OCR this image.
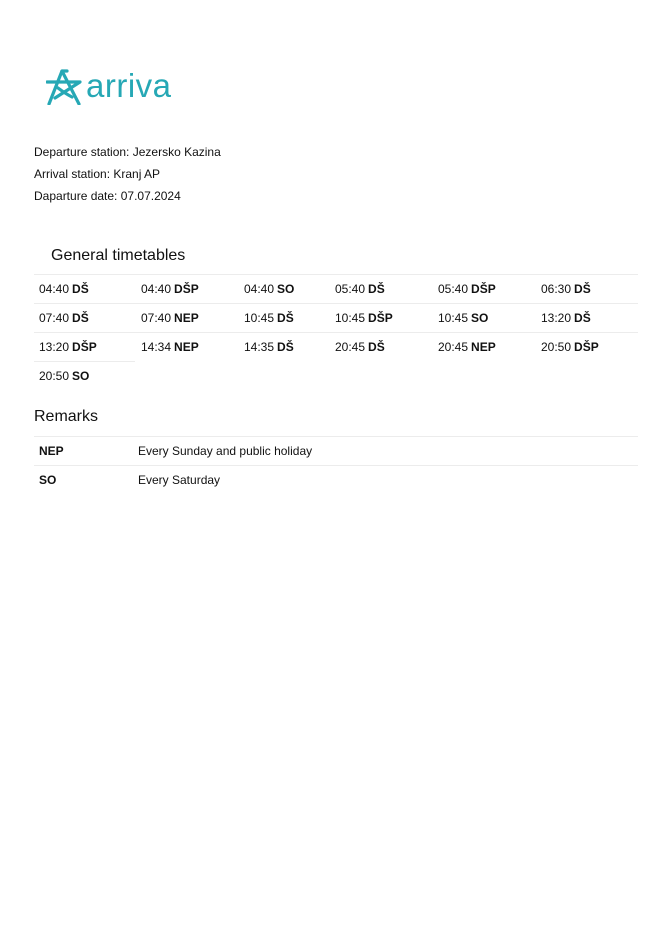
arriva
Departure station: Jezersko Kazina
Arrival station: Kranj AP
Daparture date: 07.07.2024
General timetables
04:40 DŠ	04:40 DŠP	04:40 SO	05:40 DŠ	05:40 DŠP	06:30 DŠ
07:40 DŠ	07:40 NEP	10:45 DŠ	10:45 DŠP	10:45 SO	13:20 DŠ
13:20 DŠP	14:34 NEP	14:35 DŠ	20:45 DŠ	20:45 NEP	20:50 DŠP
20:50 SO
Remarks
NEP	Every Sunday and public holiday
SO	Every Saturday
